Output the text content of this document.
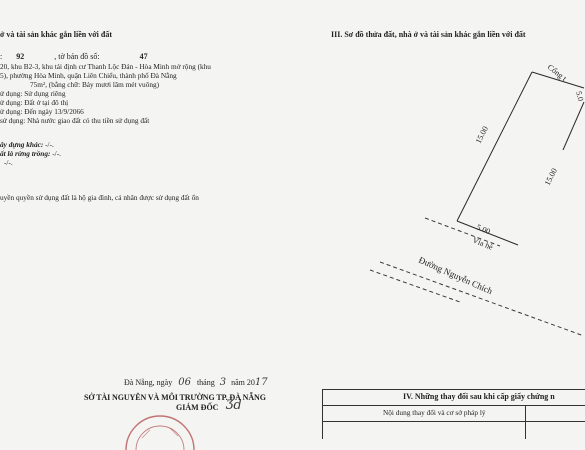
ở và tài sản khác gắn liền với đất
: 92	, tờ bản đồ số:	47
20, khu B2-3, khu tái định cư Thanh Lộc Đán - Hòa Minh mở rộng (khu
5), phường Hòa Minh, quận Liên Chiểu, thành phố Đà Nẵng
75m², (bằng chữ: Bảy mươi lăm mét vuông)
ử dụng: Sử dụng riêng
ử dụng: Đất ở tại đô thị
ử dụng: Đến ngày 13/9/2066
sử dụng: Nhà nước giao đất có thu tiền sử dụng đất
ây dựng khác: -/-.
ất là rừng trồng: -/-.
-/-.
uyền quyền sử dụng đất là hộ gia đình, cá nhân được sử dụng đất ổn
Đà Nẵng, ngày 06 tháng 3 năm 2017
SỞ TÀI NGUYÊN VÀ MÔI TRƯỜNG TP. ĐÀ NẴNG
GIÁM ĐỐC Ʒd
III. Sơ đồ thửa đất, nhà ở và tài sản khác gắn liền với đất
Cống t
5.0
15.00
15.00
5.00
Vỉa hè
Đường Nguyễn Chích
IV. Những thay đổi sau khi cấp giấy chứng n
Nội dung thay đổi và cơ sở pháp lý
